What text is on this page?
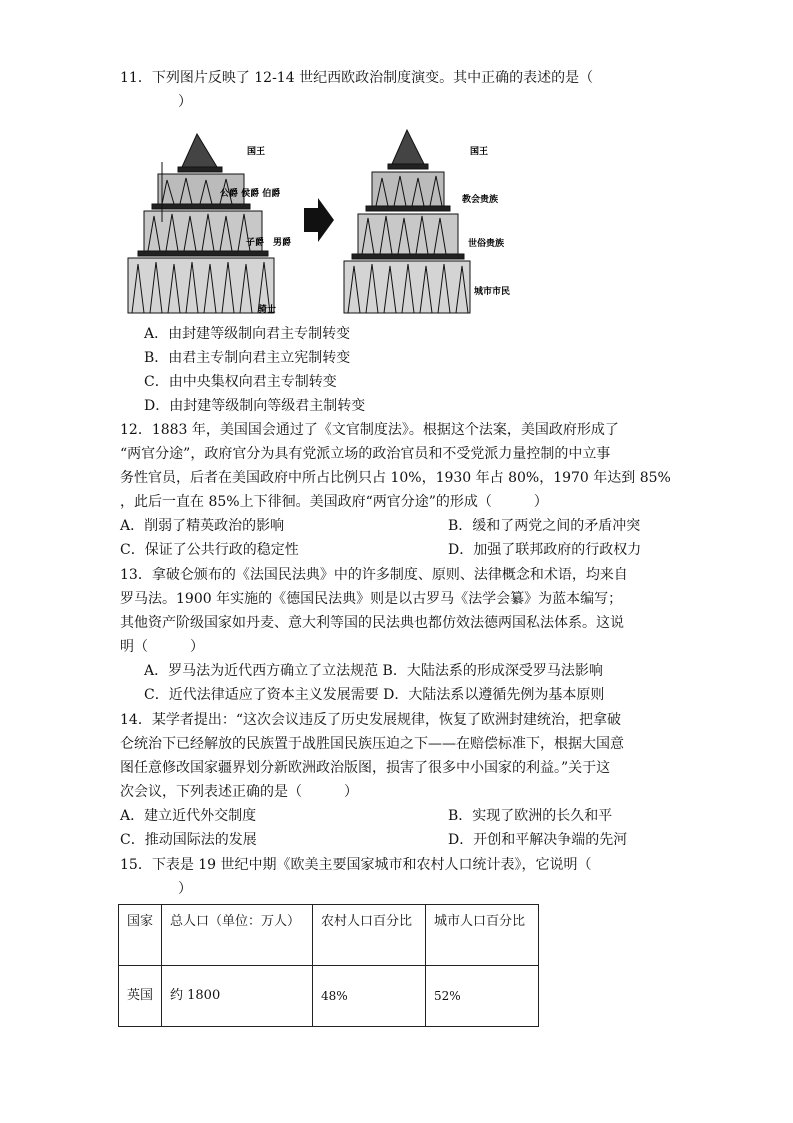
11．下列图片反映了 12-14 世纪西欧政治制度演变。其中正确的表述的是（
）
国王
公爵 侯爵 伯爵
子爵　男爵
骑士
国王
教会贵族
世俗贵族
城市市民
A．由封建等级制向君主专制转变
B．由君主专制向君主立宪制转变
C．由中央集权向君主专制转变
D．由封建等级制向等级君主制转变
12．1883 年，美国国会通过了《文官制度法》。根据这个法案，美国政府形成了
“两官分途”，政府官分为具有党派立场的政治官员和不受党派力量控制的中立事
务性官员，后者在美国政府中所占比例只占 10%，1930 年占 80%，1970 年达到 85%
，此后一直在 85%上下徘徊。美国政府“两官分途”的形成（　　　）
A．削弱了精英政治的影响	B．缓和了两党之间的矛盾冲突
C．保证了公共行政的稳定性	D．加强了联邦政府的行政权力
13．拿破仑颁布的《法国民法典》中的许多制度、原则、法律概念和术语，均来自
罗马法。1900 年实施的《德国民法典》则是以古罗马《法学会纂》为蓝本编写；
其他资产阶级国家如丹麦、意大利等国的民法典也都仿效法德两国私法体系。这说
明（　　　）
A．罗马法为近代西方确立了立法规范 B．大陆法系的形成深受罗马法影响
C．近代法律适应了资本主义发展需要 D．大陆法系以遵循先例为基本原则
14．某学者提出：“这次会议违反了历史发展规律，恢复了欧洲封建统治，把拿破
仑统治下已经解放的民族置于战胜国民族压迫之下——在赔偿标准下，根据大国意
图任意修改国家疆界划分新欧洲政治版图，损害了很多中小国家的利益。”关于这
次会议，下列表述正确的是（　　　）
A．建立近代外交制度	B．实现了欧洲的长久和平
C．推动国际法的发展	D．开创和平解决争端的先河
15．下表是 19 世纪中期《欧美主要国家城市和农村人口统计表》，它说明（
）
国家	总人口（单位：万人）	农村人口百分比	城市人口百分比
英国	约 1800	48%	52%
